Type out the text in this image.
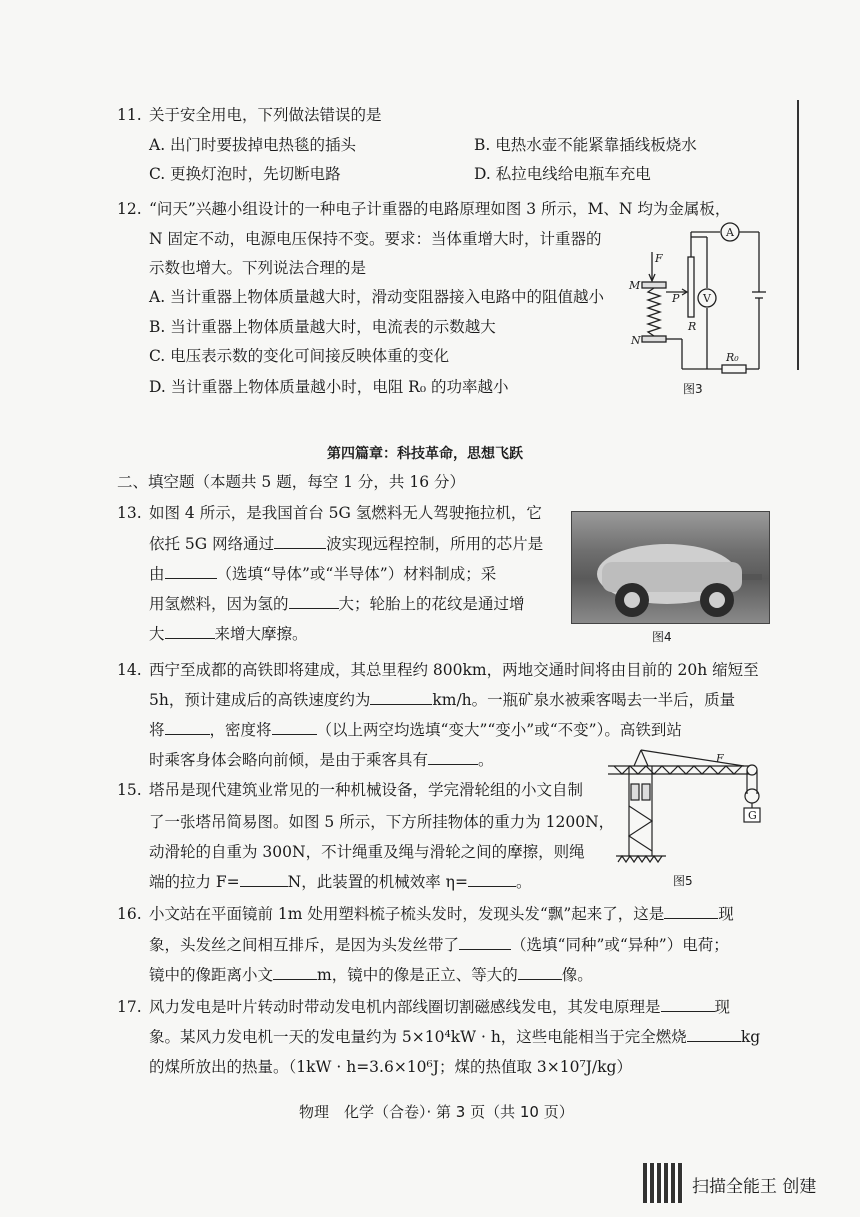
11. 关于安全用电，下列做法错误的是
A. 出门时要拔掉电热毯的插头	B. 电热水壶不能紧靠插线板烧水
C. 更换灯泡时，先切断电路	D. 私拉电线给电瓶车充电
12. “问天”兴趣小组设计的一种电子计重器的电路原理如图 3 所示，M、N 均为金属板，
N 固定不动，电源电压保持不变。要求：当体重增大时，计重器的
示数也增大。下列说法合理的是
A. 当计重器上物体质量越大时，滑动变阻器接入电路中的阻值越小
B. 当计重器上物体质量越大时，电流表的示数越大
C. 电压表示数的变化可间接反映体重的变化
D. 当计重器上物体质量越小时，电阻 R₀ 的功率越小
F
M
P V
A
R
N
R₀
图3
第四篇章：科技革命，思想飞跃
二、填空题（本题共 5 题，每空 1 分，共 16 分）
13. 如图 4 所示，是我国首台 5G 氢燃料无人驾驶拖拉机，它
依托 5G 网络通过	波实现远程控制，所用的芯片是
由	（选填“导体”或“半导体”）材料制成；采
用氢燃料，因为氢的	大；轮胎上的花纹是通过增
大	来增大摩擦。	图4
14. 西宁至成都的高铁即将建成，其总里程约 800km，两地交通时间将由目前的 20h 缩短至
5h，预计建成后的高铁速度约为	km/h。一瓶矿泉水被乘客喝去一半后，质量
将	，密度将	（以上两空均选填“变大”“变小”或“不变”）。高铁到站
时乘客身体会略向前倾，是由于乘客具有	。
15. 塔吊是现代建筑业常见的一种机械设备，学完滑轮组的小文自制
了一张塔吊简易图。如图 5 所示，下方所挂物体的重力为 1200N，
动滑轮的自重为 300N，不计绳重及绳与滑轮之间的摩擦，则绳
端的拉力 F=	N，此装置的机械效率 η=	。
F
G
图5
16. 小文站在平面镜前 1m 处用塑料梳子梳头发时，发现头发“飘”起来了，这是	现
象，头发丝之间相互排斥，是因为头发丝带了	（选填“同种”或“异种”）电荷；
镜中的像距离小文	m，镜中的像是正立、等大的	像。
17. 风力发电是叶片转动时带动发电机内部线圈切割磁感线发电，其发电原理是	现
象。某风力发电机一天的发电量约为 5×10⁴kW · h，这些电能相当于完全燃烧	kg
的煤所放出的热量。（1kW · h=3.6×10⁶J；煤的热值取 3×10⁷J/kg）
物理　化学（合卷）· 第 3 页（共 10 页）
扫描全能王 创建
